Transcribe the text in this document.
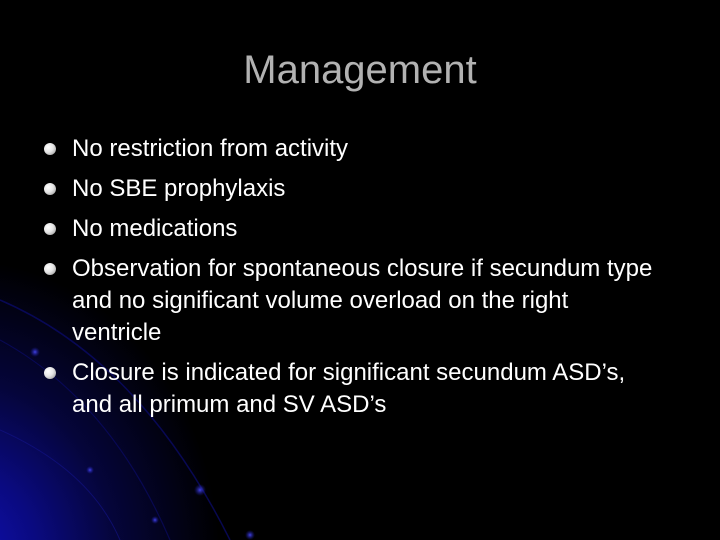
Management
No restriction from activity
No SBE prophylaxis
No medications
Observation for spontaneous closure if secundum type and no significant volume overload on the right ventricle
Closure is indicated for significant secundum ASD’s, and all primum and SV ASD’s
